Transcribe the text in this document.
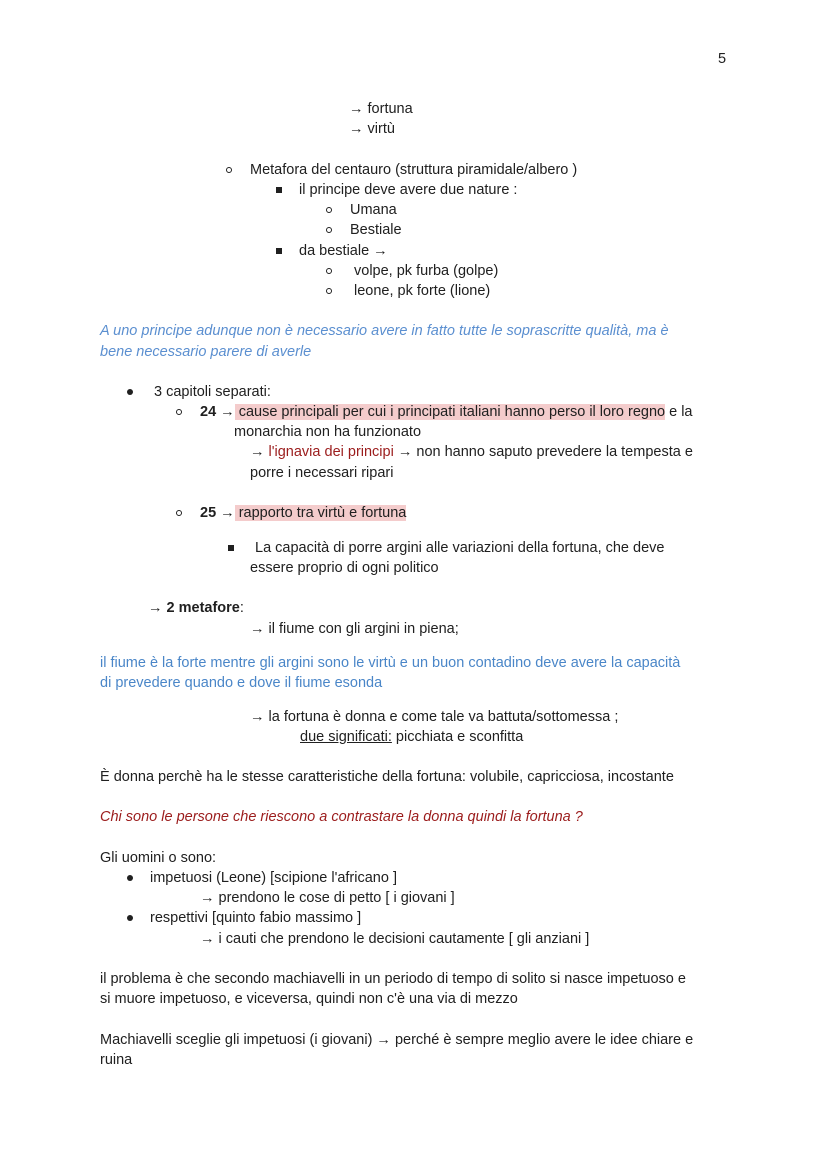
5
→ fortuna
→ virtù
Metafora del centauro (struttura piramidale/albero )
il principe deve avere due nature :
Umana
Bestiale
da bestiale →
volpe, pk furba (golpe)
leone, pk forte (lione)
A uno principe adunque non è necessario avere in fatto tutte le soprascritte qualità, ma è
bene necessario parere di averle
3 capitoli separati:
24 → cause principali per cui i principati italiani hanno perso il loro regno e la
monarchia non ha funzionato
→ l'ignavia dei principi → non hanno saputo prevedere la tempesta e
porre i necessari ripari
25 → rapporto tra virtù e fortuna
La capacità di porre argini alle variazioni della fortuna, che deve
essere proprio di ogni politico
→ 2 metafore:
→ il fiume con gli argini in piena;
il fiume è la forte mentre gli argini sono le virtù e un buon contadino deve avere la capacità
di prevedere quando e dove il fiume esonda
→ la fortuna è donna e come tale va battuta/sottomessa ;
due significati: picchiata e sconfitta
È donna perchè ha le stesse caratteristiche della fortuna: volubile, capricciosa, incostante
Chi sono le persone che riescono a contrastare la donna quindi la fortuna ?
Gli uomini o sono:
impetuosi (Leone) [scipione l'africano ]
→ prendono le cose di petto [ i giovani ]
respettivi [quinto fabio massimo ]
→ i cauti che prendono le decisioni cautamente [ gli anziani ]
il problema è che secondo machiavelli in un periodo di tempo di solito si nasce impetuoso e
si muore impetuoso, e viceversa, quindi non c'è una via di mezzo
Machiavelli sceglie gli impetuosi (i giovani) → perché è sempre meglio avere le idee chiare e
ruina
